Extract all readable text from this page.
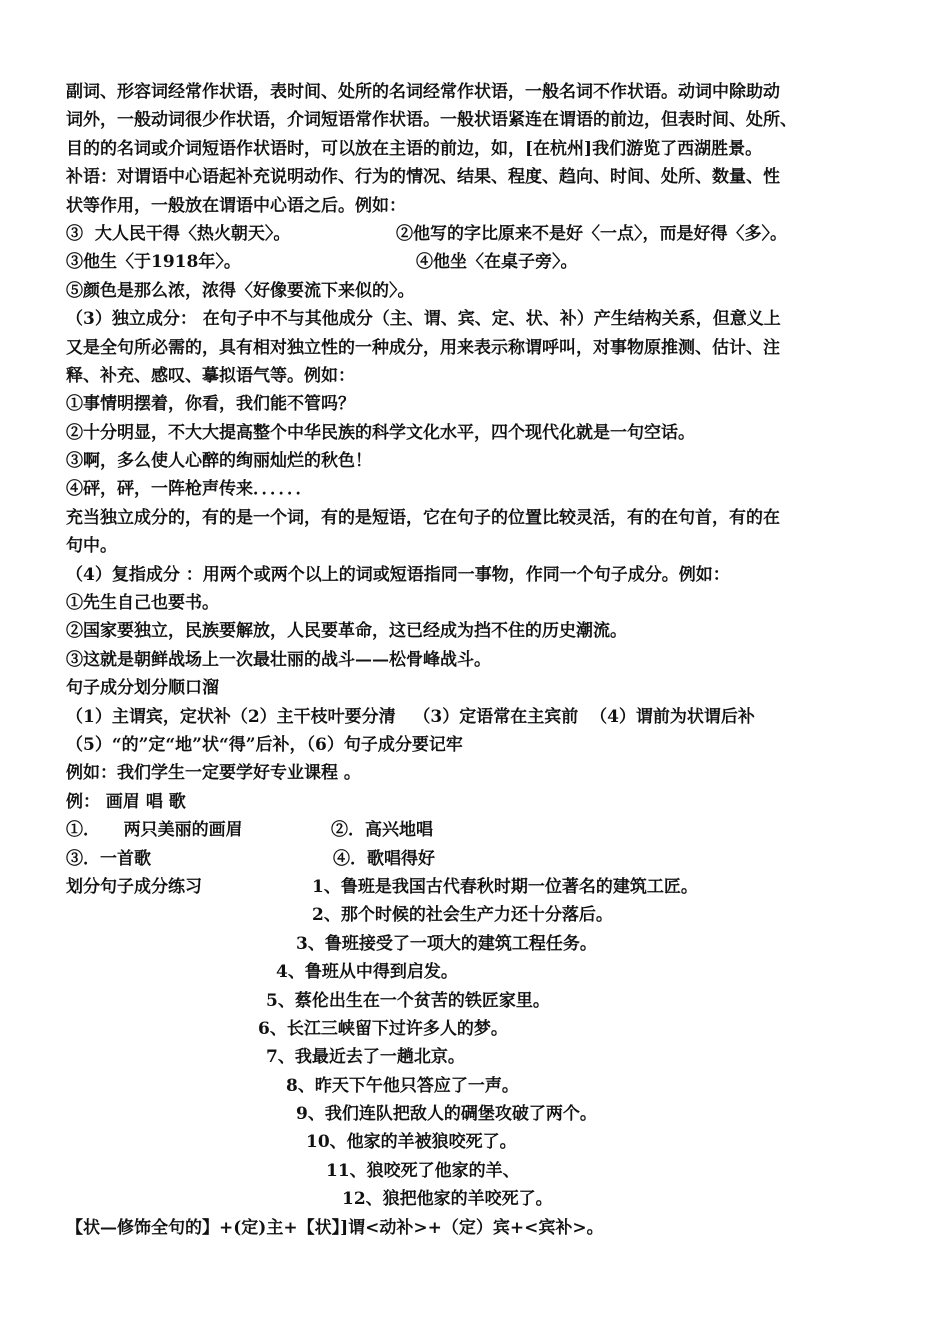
副词、形容词经常作状语，表时间、处所的名词经常作状语，一般名词不作状语。动词中除助动
词外，一般动词很少作状语，介词短语常作状语。一般状语紧连在谓语的前边，但表时间、处所、
目的的名词或介词短语作状语时，可以放在主语的前边，如，[在杭州]我们游览了西湖胜景。
补语：对谓语中心语起补充说明动作、行为的情况、结果、程度、趋向、时间、处所、数量、性
状等作用，一般放在谓语中心语之后。例如：
③  大人民干得〈热火朝天〉。	②他写的字比原来不是好〈一点〉，而是好得〈多〉。
③他生〈于1918年〉。	④他坐〈在桌子旁〉。
⑤颜色是那么浓，浓得〈好像要流下来似的〉。
（3）独立成分： 在句子中不与其他成分（主、谓、宾、定、状、补）产生结构关系，但意义上
又是全句所必需的，具有相对独立性的一种成分，用来表示称谓呼叫，对事物原推测、估计、注
释、补充、感叹、摹拟语气等。例如：
①事情明摆着，你看，我们能不管吗？
②十分明显，不大大提高整个中华民族的科学文化水平，四个现代化就是一句空话。
③啊，多么使人心醉的绚丽灿烂的秋色！
④砰，砰，一阵枪声传来．．．．．．
充当独立成分的，有的是一个词，有的是短语，它在句子的位置比较灵活，有的在句首，有的在
句中。
（4）复指成分 ：用两个或两个以上的词或短语指同一事物，作同一个句子成分。例如：
①先生自己也要书。
②国家要独立，民族要解放，人民要革命，这已经成为挡不住的历史潮流。
③这就是朝鲜战场上一次最壮丽的战斗——松骨峰战斗。
句子成分划分顺口溜
（1）主谓宾，定状补（2）主干枝叶要分清   （3）定语常在主宾前  （4）谓前为状谓后补
（5）“的”定“地”状“得”后补，（6）句子成分要记牢
例如：我们学生一定要学好专业课程 。
例： 画眉 唱 歌
①．    两只美丽的画眉	②．高兴地唱
③．一首歌	④．歌唱得好
划分句子成分练习	1、鲁班是我国古代春秋时期一位著名的建筑工匠。
2、那个时候的社会生产力还十分落后。
3、鲁班接受了一项大的建筑工程任务。
4、鲁班从中得到启发。
5、蔡伦出生在一个贫苦的铁匠家里。
6、长江三峡留下过许多人的梦。
7、我最近去了一趟北京。
8、昨天下午他只答应了一声。
9、我们连队把敌人的碉堡攻破了两个。
10、他家的羊被狼咬死了。
11、狼咬死了他家的羊、
12、狼把他家的羊咬死了。
【状—修饰全句的】+(定)主+【状】]谓<动补>+（定）宾+<宾补>。
